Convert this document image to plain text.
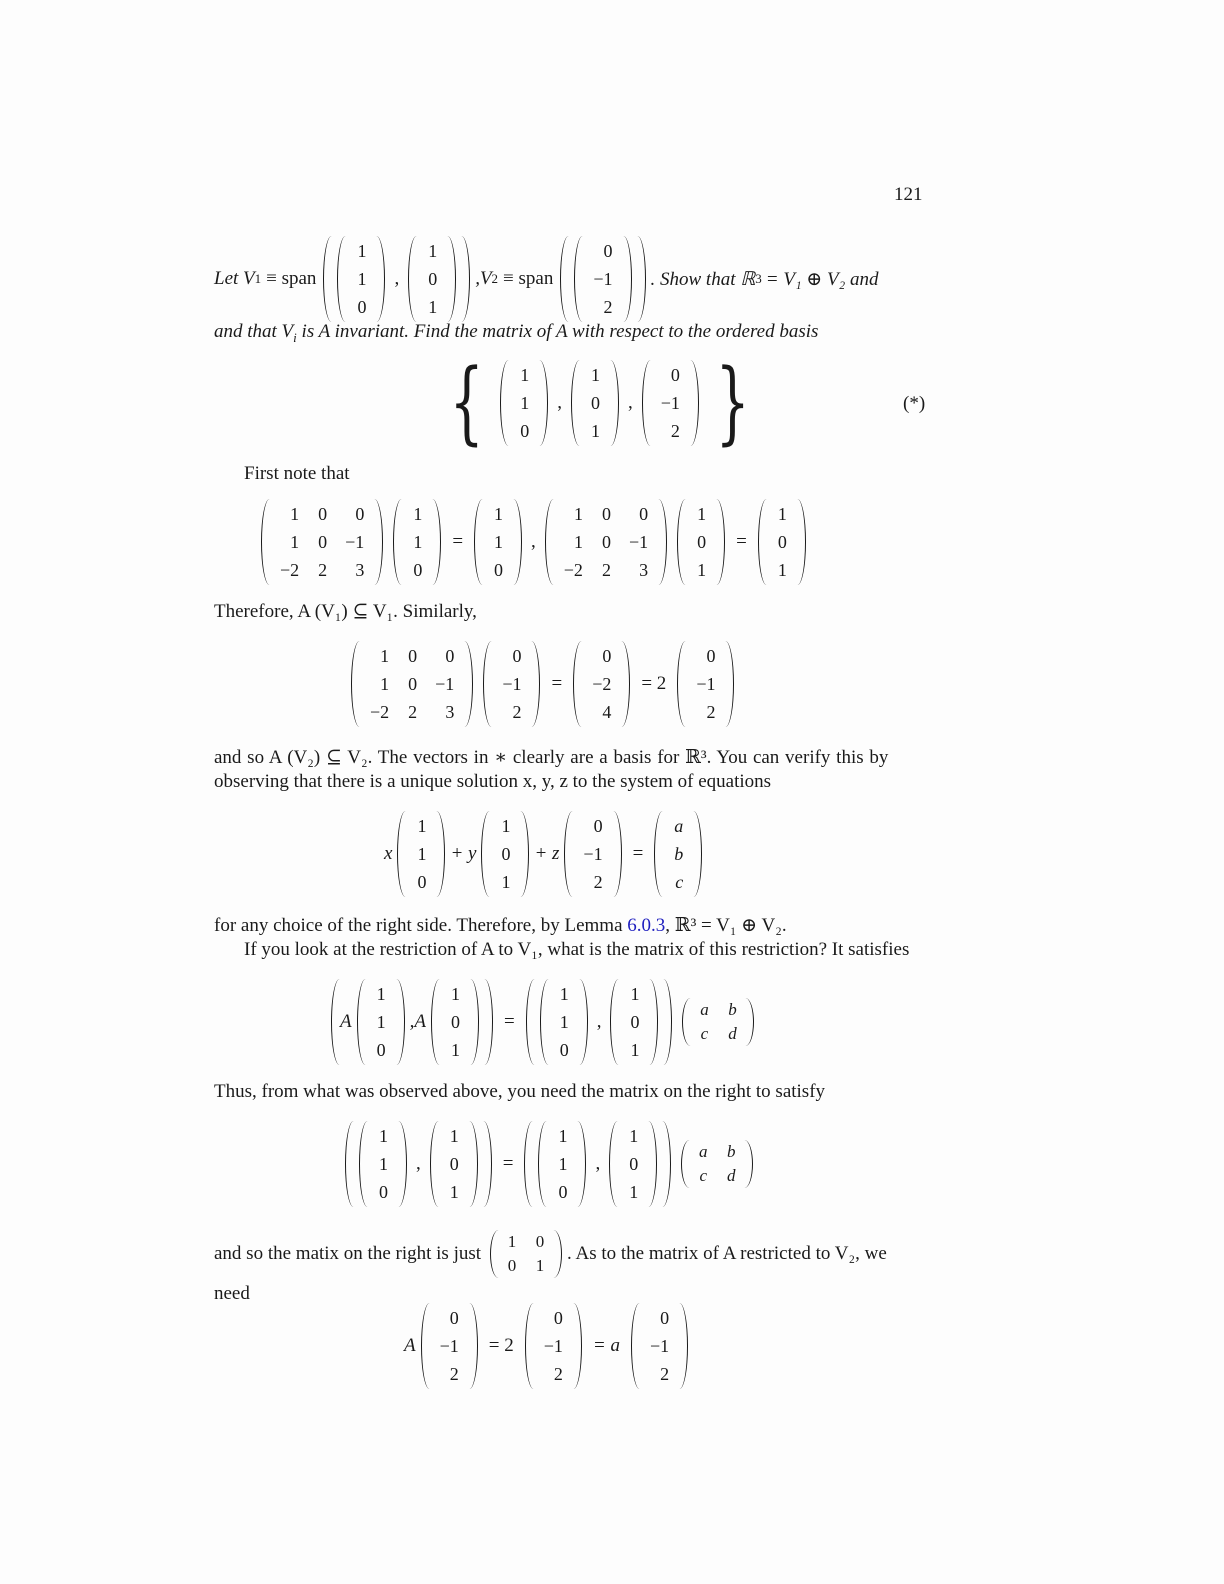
121
Let V 1 ≡ span
1
1
0
,
1
0
1
,V 2 ≡ span
0
−1
2
. Show that ℝ 3 = V₁ ⊕ V₂ and
and that $V_i$ is A invariant. Find the matrix of A with respect to the ordered basis
{ 1
1
0
,
1
0
1
,
0
−1
2 }	(*)
First note that
1 0	0
1 0 −1
−2 2	3
1
1
0
=
1
1
0
,
1 0	0
1 0 −1
−2 2	3
1
0
1
=
1
0
1
Therefore, A (V₁) ⊆ V₁. Similarly,
1 0	0
1 0 −1
−2 2	3
0
−1
2
=
0
−2
4
= 2
0
−1
2
and so A (V₂) ⊆ V₂. The vectors in ∗ clearly are a basis for ℝ³. You can verify this by
observing that there is a unique solution x, y, z to the system of equations
x
1
1
0
+ y
1
0
1
+ z
0
−1
2
=
a
b
c
for any choice of the right side. Therefore, by Lemma 6.0.3, ℝ³ = V₁ ⊕ V₂.
If you look at the restriction of A to V₁, what is the matrix of this restriction? It satisfies
A
1
1
0
,A
1
0
1
=
1
1
0
,
1
0
1
a b
c d
Thus, from what was observed above, you need the matrix on the right to satisfy
1
1
0
,
1
0
1
=
1
1
0
,
1
0
1
a b
c d
and so the matix on the right is just
1 0
0 1
. As to the matrix of A restricted to V₂, we
need
A
0
−1
2
= 2
0
−1
2
= a
0
−1
2
